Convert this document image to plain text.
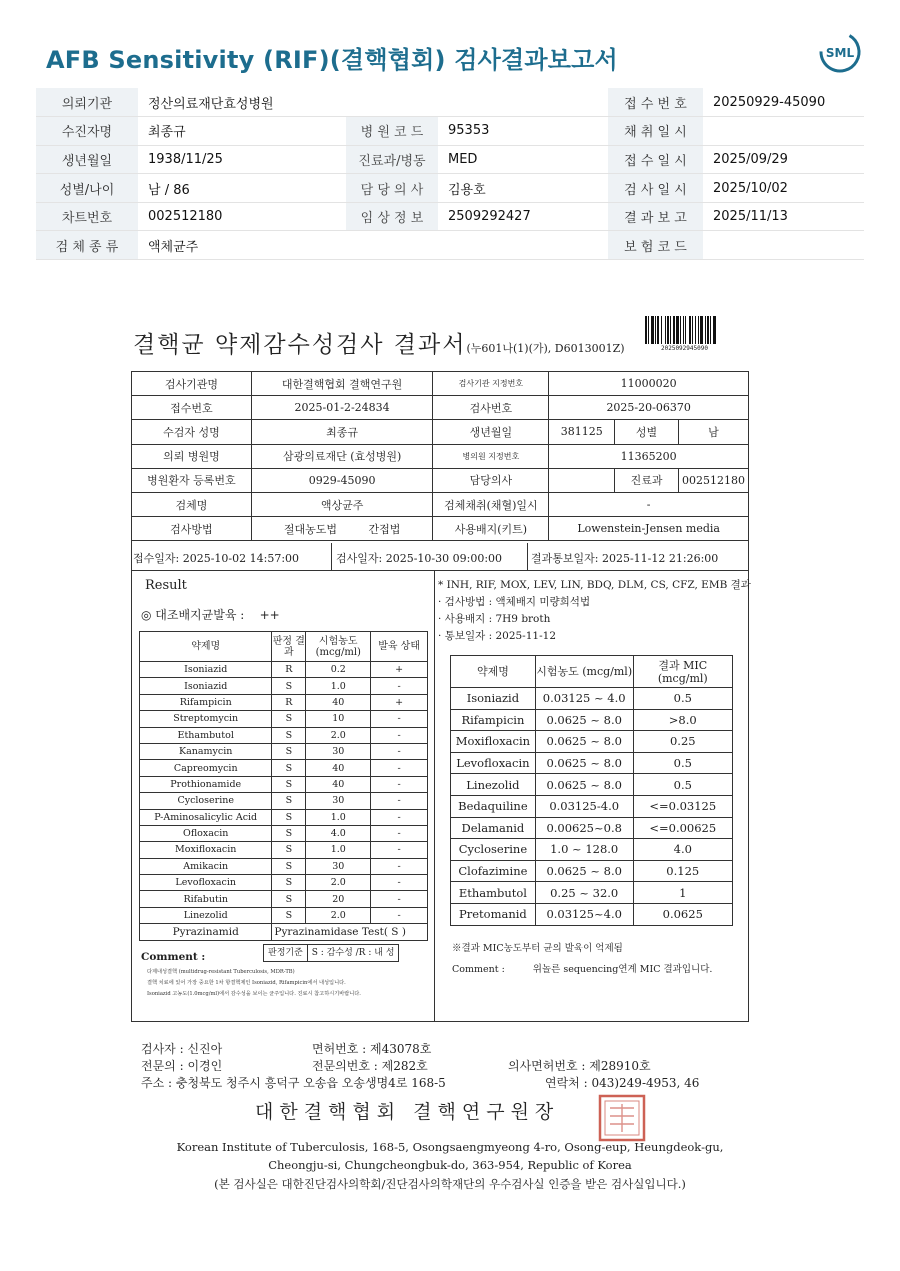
AFB Sensitivity (RIF)(결핵협회) 검사결과보고서	SML
의뢰기관	정산의료재단효성병원			접 수 번 호	20250929-45090
수진자명	최종규	병 원 코 드	95353	채 취 일 시	
생년월일	1938/11/25	진료과/병동	MED	접 수 일 시	2025/09/29
성별/나이	남 / 86	담 당 의 사	김용호	검 사 일 시	2025/10/02
차트번호	002512180	임 상 정 보	2509292427	결 과 보 고	2025/11/13
검 체 종 류	액체균주			보 험 코 드	
결핵균 약제감수성검사 결과서(누601나(1)(가), D6013001Z)	2025092945090
검사기관명	대한결핵협회 결핵연구원	검사기관 지정번호	11000020		
접수번호	2025-01-2-24834	검사번호	2025-20-06370		
수검자 성명	최종규	생년월일	381125	성별	남
의뢰 병원명	삼광의료재단 (효성병원)	병의원 지정번호	11365200		
병원환자 등록번호	0929-45090	담당의사		진료과	002512180
검체명	액상균주	검체채취(채혈)일시	-		
검사방법	절대농도법 간접법	사용배지(키트)	Lowenstein-Jensen media		
접수일자: 2025-10-02 14:57:00	검사일자: 2025-10-30 09:00:00	결과통보일자: 2025-11-12 21:26:00
Result
◎ 대조배지균발육 : ++
약제명	판정 결과	시험농도 (mcg/ml)	발육 상태
Isoniazid	R	0.2	+
Isoniazid	S	1.0	-
Rifampicin	R	40	+
Streptomycin	S	10	-
Ethambutol	S	2.0	-
Kanamycin	S	30	-
Capreomycin	S	40	-
Prothionamide	S	40	-
Cycloserine	S	30	-
P-Aminosalicylic Acid	S	1.0	-
Ofloxacin	S	4.0	-
Moxifloxacin	S	1.0	-
Amikacin	S	30	-
Levofloxacin	S	2.0	-
Rifabutin	S	20	-
Linezolid	S	2.0	-
Pyrazinamid	Pyrazinamidase Test( S )		
Comment :	판정기준 S : 감수성 /R : 내 성
다제내성결핵 (multidrug-resistant Tuberculosis, MDR-TB)
결핵 치료에 있어 가장 중요한 1차 항결핵제인 Isoniazid, Rifampicin에서 내성입니다.
Isoniazid 고농도(1.0mcg/ml)에서 감수성을 보이는 균주입니다. 진료시 참고하시기바랍니다.
* INH, RIF, MOX, LEV, LIN, BDQ, DLM, CS, CFZ, EMB 결과
· 검사방법 : 액체배지 미량희석법
· 사용배지 : 7H9 broth
· 통보일자 : 2025-11-12
약제명	시험농도 (mcg/ml)	결과 MIC (mcg/ml)
Isoniazid	0.03125 ~ 4.0	0.5
Rifampicin	0.0625 ~ 8.0	>8.0
Moxifloxacin	0.0625 ~ 8.0	0.25
Levofloxacin	0.0625 ~ 8.0	0.5
Linezolid	0.0625 ~ 8.0	0.5
Bedaquiline	0.03125-4.0	<=0.03125
Delamanid	0.00625~0.8	<=0.00625
Cycloserine	1.0 ~ 128.0	4.0
Clofazimine	0.0625 ~ 8.0	0.125
Ethambutol	0.25 ~ 32.0	1
Pretomanid	0.03125~4.0	0.0625
※결과 MIC농도부터 균의 발육이 억제됨
Comment :	위놀른 sequencing연계 MIC 결과입니다.
검사자 : 신진아	면허번호 : 제43078호
전문의 : 이경인	전문의번호 : 제282호	의사면허번호 : 제28910호
주소 : 충청북도 청주시 흥덕구 오송읍 오송생명4로 168-5	연락처 : 043)249-4953, 46
대한결핵협회 결핵연구원장
Korean Institute of Tuberculosis, 168-5, Osongsaengmyeong 4-ro, Osong-eup, Heungdeok-gu,
Cheongju-si, Chungcheongbuk-do, 363-954, Republic of Korea
(본 검사실은 대한진단검사의학회/진단검사의학재단의 우수검사실 인증을 받은 검사실입니다.)
